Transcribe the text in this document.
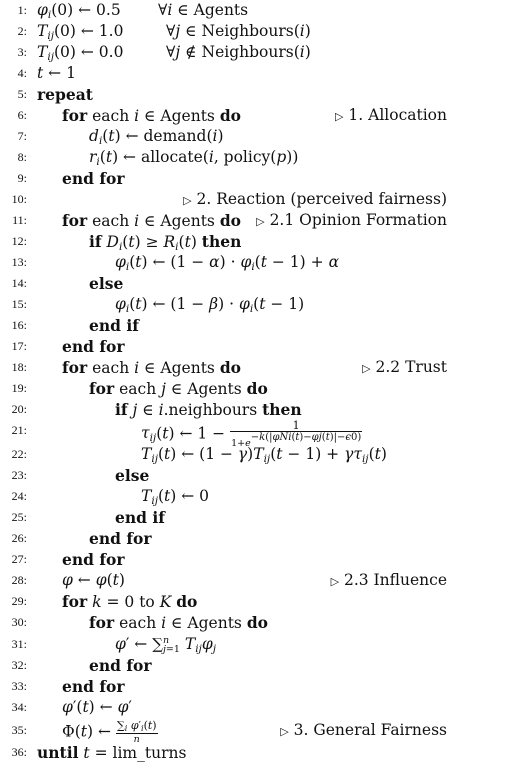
1: $\varphi_i(0)$ ← 0.5 ∀i ∈ Agents
2: $T_{ij}(0)$ ← 1.0	∀j ∈ Neighbours(i)
3: $T_{ij}(0)$ ← 0.0	∀j ∉ Neighbours(i)
4: t ← 1
5: repeat
6: for each i ∈ Agents do	▷ 1. Allocation
7:	$d_i(t)$ ← demand(i)
8:	$r_i(t)$ ← allocate(i, policy(p))
9: end for
10:	▷ 2. Reaction (perceived fairness)
11: for each i ∈ Agents do ▷ 2.1 Opinion Formation
12:	if $D_i(t) \ge R_i(t)$ then
13:	$\varphi_i(t)$ ← $(1 - \alpha) \cdot \varphi_i(t - 1) + \alpha$
14:	else
15:	$\varphi_i(t)$ ← $(1 - \beta) \cdot \varphi_i(t - 1)$
16:	end if
17: end for
18: for each i ∈ Agents do	▷ 2.2 Trust
19:	for each j ∈ Agents do
20:	if j ∈ i.neighbours then
21:	$\tau_{ij}(t)$ ← $1 - \frac{1}{\text{1+e−k(|φNi(t)−φj(t)|−ϵ0)}}$
22:	$T_{ij}(t)$ ← $(1 - \gamma)T_{ij}(t - 1) + \gamma\tau_{ij}(t)$
23:	else
24:	$T_{ij}(t)$ ← 0
25:	end if
26:	end for
27: end for
28: φ ← φ(t)	▷ 2.3 Influence
29: for k = 0 to K do
30:	for each i ∈ Agents do
31:	φ′ ← ∑ n
j=1 $T_{ij}\varphi_j$
32:	end for
33: end for
34: φ′(t) ← φ′
35: Φ(t) ← $\frac{\text{∑i φ′i(t)}}{n}$	▷ 3. General Fairness
36: until t = lim_turns
